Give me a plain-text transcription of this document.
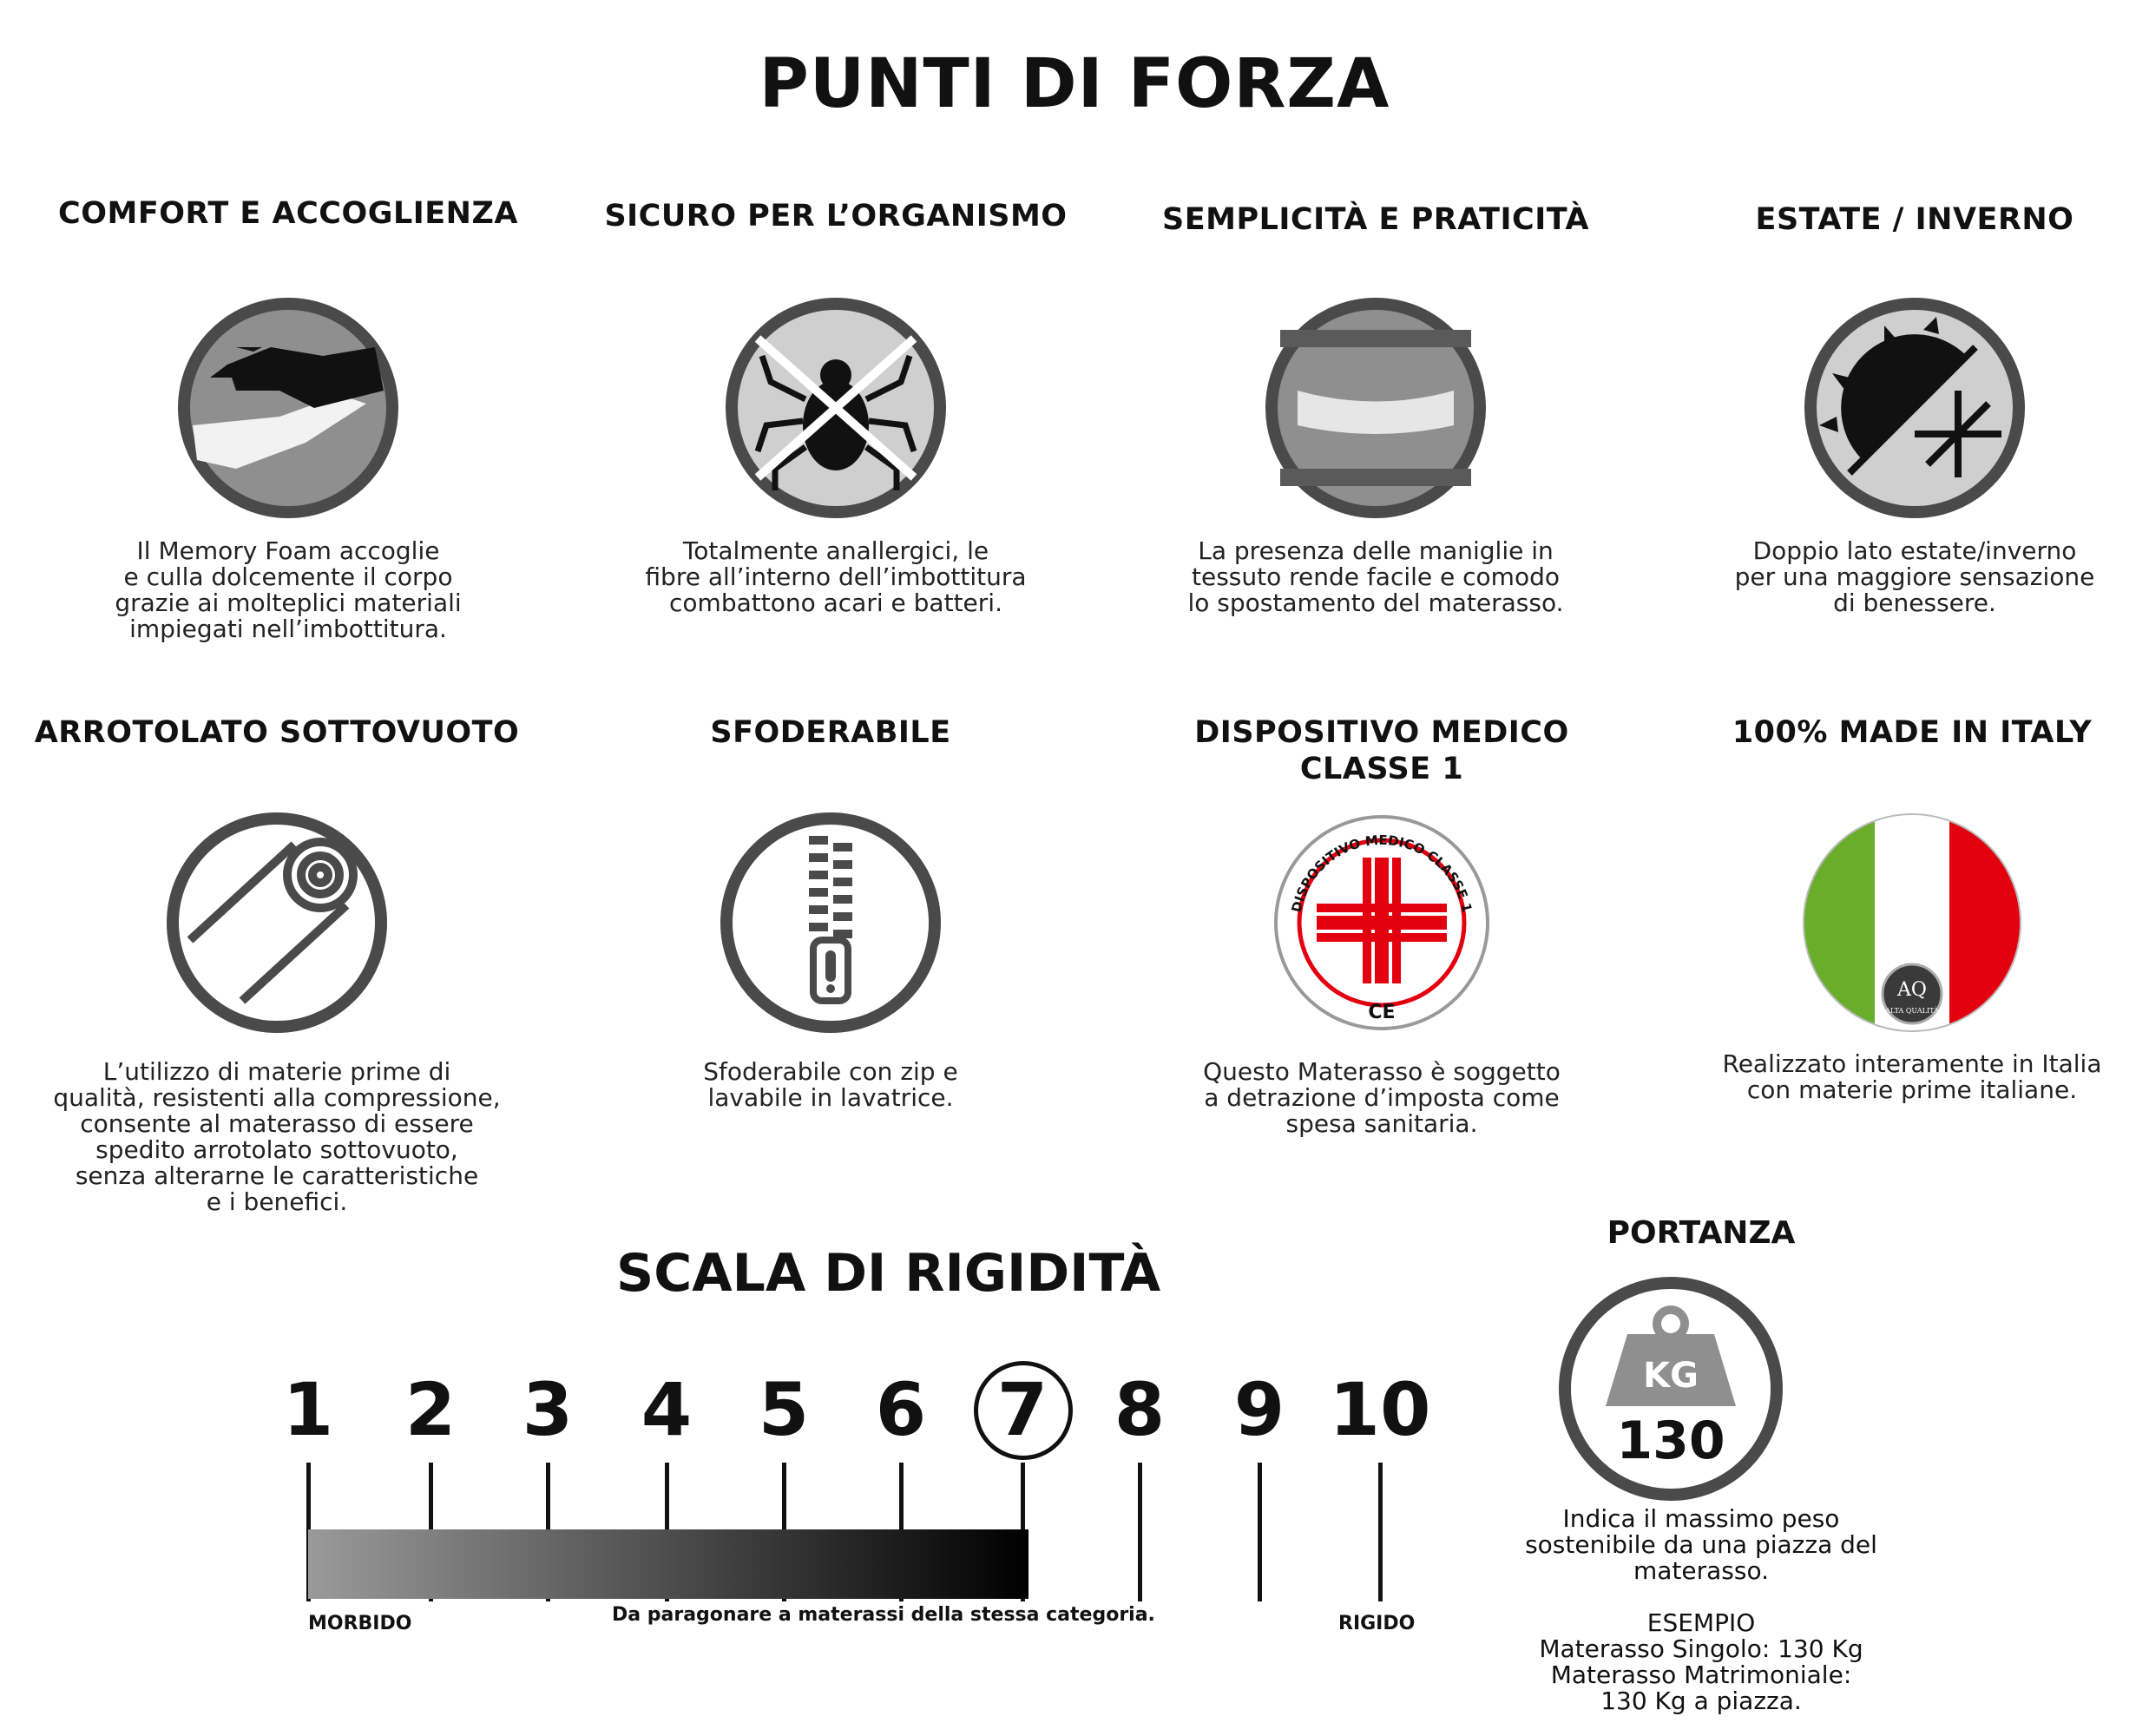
PUNTI DI FORZA
COMFORT E ACCOGLIENZA
Il Memory Foam accoglie
e culla dolcemente il corpo
grazie ai molteplici materiali
impiegati nell’imbottitura.
SICURO PER L’ORGANISMO
Totalmente anallergici, le
fibre all’interno dell’imbottitura
combattono acari e batteri.
SEMPLICITÀ E PRATICITÀ
La presenza delle maniglie in
tessuto rende facile e comodo
lo spostamento del materasso.
ESTATE / INVERNO
Doppio lato estate/inverno
per una maggiore sensazione
di benessere.
ARROTOLATO SOTTOVUOTO
L’utilizzo di materie prime di
qualità, resistenti alla compressione,
consente al materasso di essere
spedito arrotolato sottovuoto,
senza alterarne le caratteristiche
e i benefici.
SFODERABILE
Sfoderabile con zip e
lavabile in lavatrice.
DISPOSITIVO MEDICO
CLASSE 1
CE
DISPOSITIVO MEDICO CLASSE 1
Questo Materasso è soggetto
a detrazione d’imposta come
spesa sanitaria.
100% MADE IN ITALY
AQ
ALTA QUALITÀ
Realizzato interamente in Italia
con materie prime italiane.
SCALA DI RIGIDITÀ
1 2 3 4 5 6 7 8 9 10
MORBIDO	Da paragonare a materassi della stessa categoria.	RIGIDO
PORTANZA
KG
130
Indica il massimo peso
sostenibile da una piazza del
materasso.

ESEMPIO
Materasso Singolo: 130 Kg
Materasso Matrimoniale:
130 Kg a piazza.
